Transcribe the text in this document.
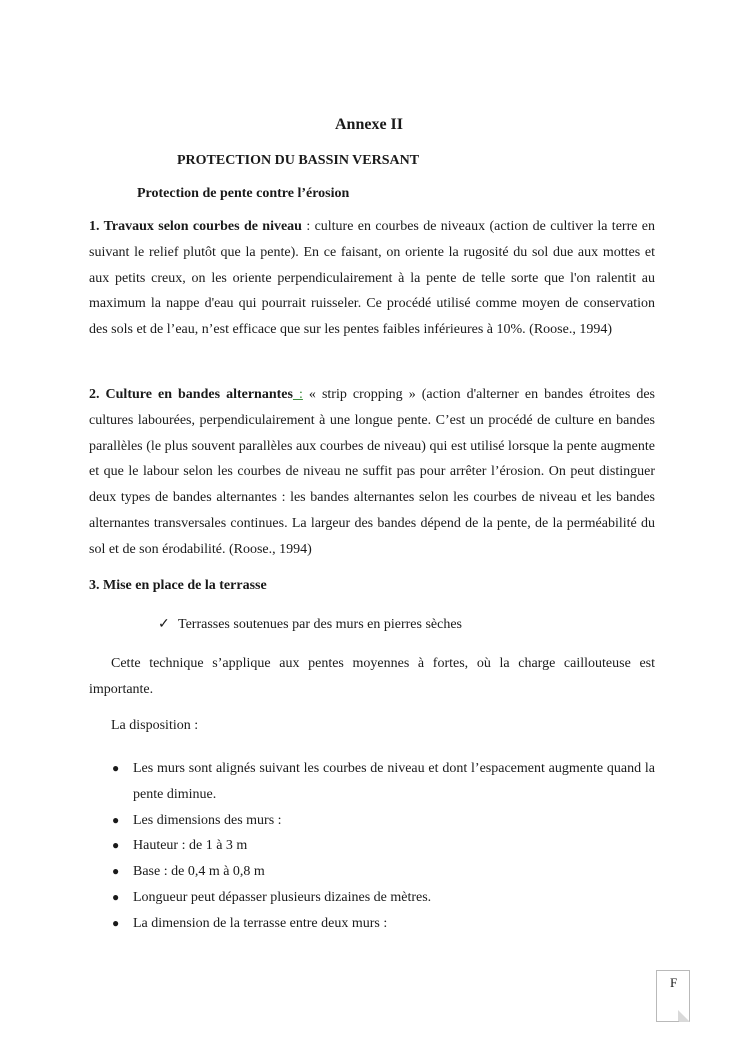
Annexe II
PROTECTION DU BASSIN VERSANT
Protection de pente contre l’érosion

1. Travaux selon courbes de niveau : culture en courbes de niveaux (action de cultiver la terre en suivant le relief plutôt que la pente). En ce faisant, on oriente la rugosité du sol due aux mottes et aux petits creux, on les oriente perpendiculairement à la pente de telle sorte que l'on ralentit au maximum la nappe d'eau qui pourrait ruisseler. Ce procédé utilisé comme moyen de conservation des sols et de l’eau, n’est efficace que sur les pentes faibles inférieures à 10%. (Roose., 1994)

2. Culture en bandes alternantes : « strip cropping » (action d'alterner en bandes étroites des cultures labourées, perpendiculairement à une longue pente. C’est un procédé de culture en bandes parallèles (le plus souvent parallèles aux courbes de niveau) qui est utilisé lorsque la pente augmente et que le labour selon les courbes de niveau ne suffit pas pour arrêter l’érosion. On peut distinguer deux types de bandes alternantes : les bandes alternantes selon les courbes de niveau et les bandes alternantes transversales continues. La largeur des bandes dépend de la pente, de la perméabilité du sol et de son érodabilité. (Roose., 1994)

3. Mise en place de la terrasse
✓ Terrasses soutenues par des murs en pierres sèches

Cette technique s’applique aux pentes moyennes à fortes, où la charge caillouteuse est importante.

La disposition :
● Les murs sont alignés suivant les courbes de niveau et dont l’espacement augmente quand la pente diminue.
● Les dimensions des murs :
● Hauteur : de 1 à 3 m
● Base : de 0,4 m à 0,8 m
● Longueur peut dépasser plusieurs dizaines de mètres.
● La dimension de la terrasse entre deux murs :
F
